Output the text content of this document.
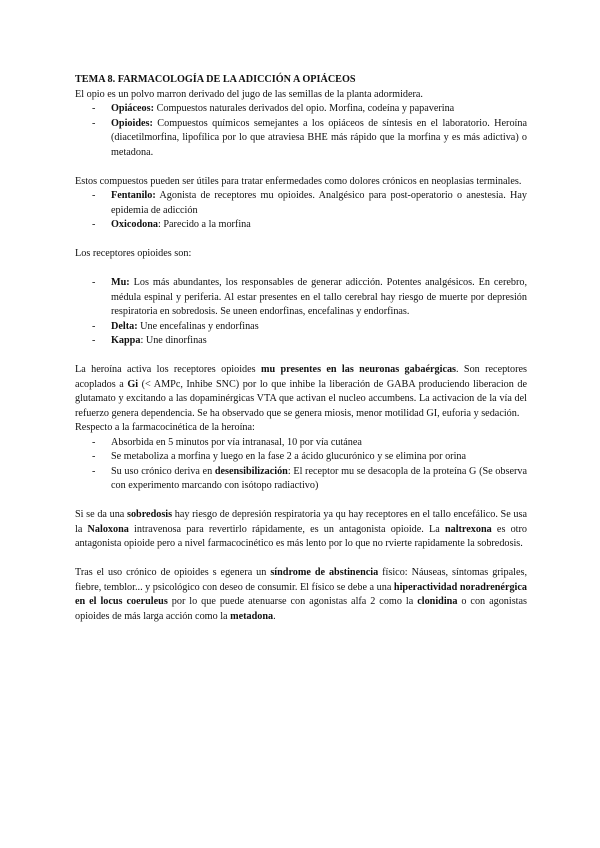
TEMA 8. FARMACOLOGÍA DE LA ADICCIÓN A OPIÁCEOS

El opio es un polvo marron derivado del jugo de las semillas de la planta adormidera.

- Opiáceos: Compuestos naturales derivados del opio. Morfina, codeína y papaverina
- Opioides: Compuestos químicos semejantes a los opiáceos de síntesis en el laboratorio. Heroína (diacetilmorfina, lipofílica por lo que atraviesa BHE más rápido que la morfina y es más adictiva) o metadona.

Estos compuestos pueden ser útiles para tratar enfermedades como dolores crónicos en neoplasias terminales.

- Fentanilo: Agonista de receptores mu opioides. Analgésico para post-operatorio o anestesia. Hay epidemia de adicción
- Oxicodona: Parecido a la morfina

Los receptores opioides son:

- Mu: Los más abundantes, los responsables de generar adicción. Potentes analgésicos. En cerebro, médula espinal y periferia. Al estar presentes en el tallo cerebral hay riesgo de muerte por depresión respiratoria en sobredosis. Se uneen endorfinas, encefalinas y endorfinas.
- Delta: Une encefalinas y endorfinas
- Kappa: Une dinorfinas

La heroína activa los receptores opioides mu presentes en las neuronas gabaérgicas. Son receptores acoplados a Gi (< AMPc, Inhibe SNC) por lo que inhibe la liberación de GABA produciendo liberacion de glutamato y excitando a las dopaminérgicas VTA que activan el nucleo accumbens. La activacion de la vía del refuerzo genera dependencia. Se ha observado que se genera miosis, menor motilidad GI, euforia y sedación.

Respecto a la farmacocinética de la heroína:

- Absorbida en 5 minutos por vía intranasal, 10 por vía cutánea
- Se metaboliza a morfina y luego en la fase 2 a ácido glucurónico y se elimina por orina
- Su uso crónico deriva en desensibilización: El receptor mu se desacopla de la proteína G (Se observa con experimento marcando con isótopo radiactivo)

Si se da una sobredosis hay riesgo de depresión respiratoria ya qu hay receptores en el tallo encefálico. Se usa la Naloxona intravenosa para revertirlo rápidamente, es un antagonista opioide. La naltrexona es otro antagonista opioide pero a nivel farmacocinético es más lento por lo que no rvierte rapidamente la sobredosis.

Tras el uso crónico de opioides s egenera un síndrome de abstinencia físico: Náuseas, síntomas gripales, fiebre, temblor... y psicológico con deseo de consumir. El físico se debe a una hiperactividad noradrenérgica en el locus coeruleus por lo que puede atenuarse con agonistas alfa 2 como la clonidina o con agonistas opioides de más larga acción como la metadona.
